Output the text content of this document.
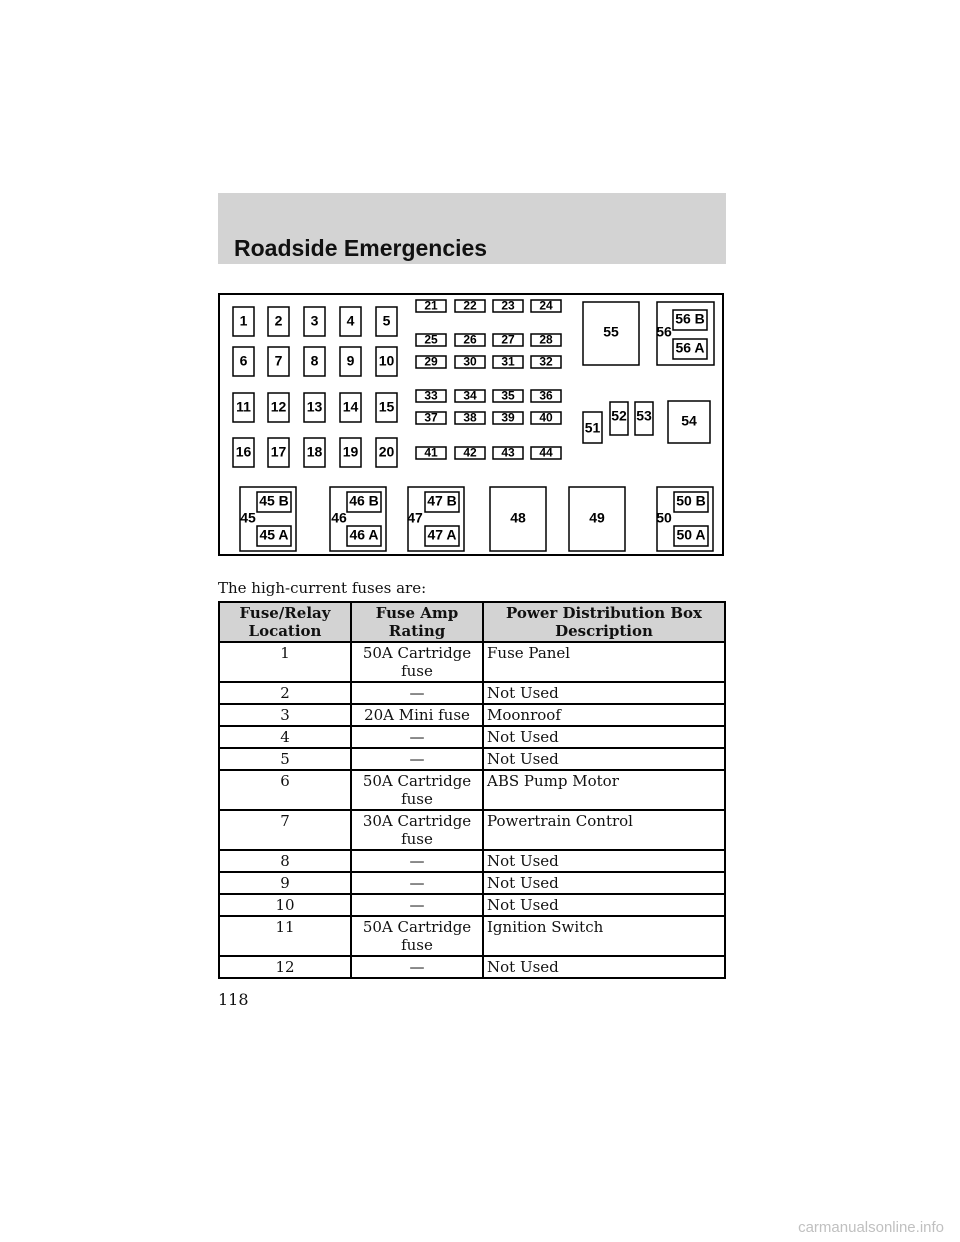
Roadside Emergencies
1 2 3 4 5
6 7 8 9 10
11 12 13 14 15
16 17 18 19 20
21 22 23 24
25 26 27 28
29 30 31 32
33 34 35 36
37 38 39 40
41 42 43 44
55	56
56 B
56 A
51
52 53 54
45
45 B
45 A
46
46 B
46 A
47
47 B
47 A
50
50 B
50 A
48	49
The high-current fuses are:
Fuse/Relay Location	Fuse Amp Rating	Power Distribution Box Description
1	50A Cartridge fuse	Fuse Panel
2	—	Not Used
3	20A Mini fuse	Moonroof
4	—	Not Used
5	—	Not Used
6	50A Cartridge fuse	ABS Pump Motor
7	30A Cartridge fuse	Powertrain Control
8	—	Not Used
9	—	Not Used
10	—	Not Used
11	50A Cartridge fuse	Ignition Switch
12	—	Not Used
118
carmanualsonline.info
